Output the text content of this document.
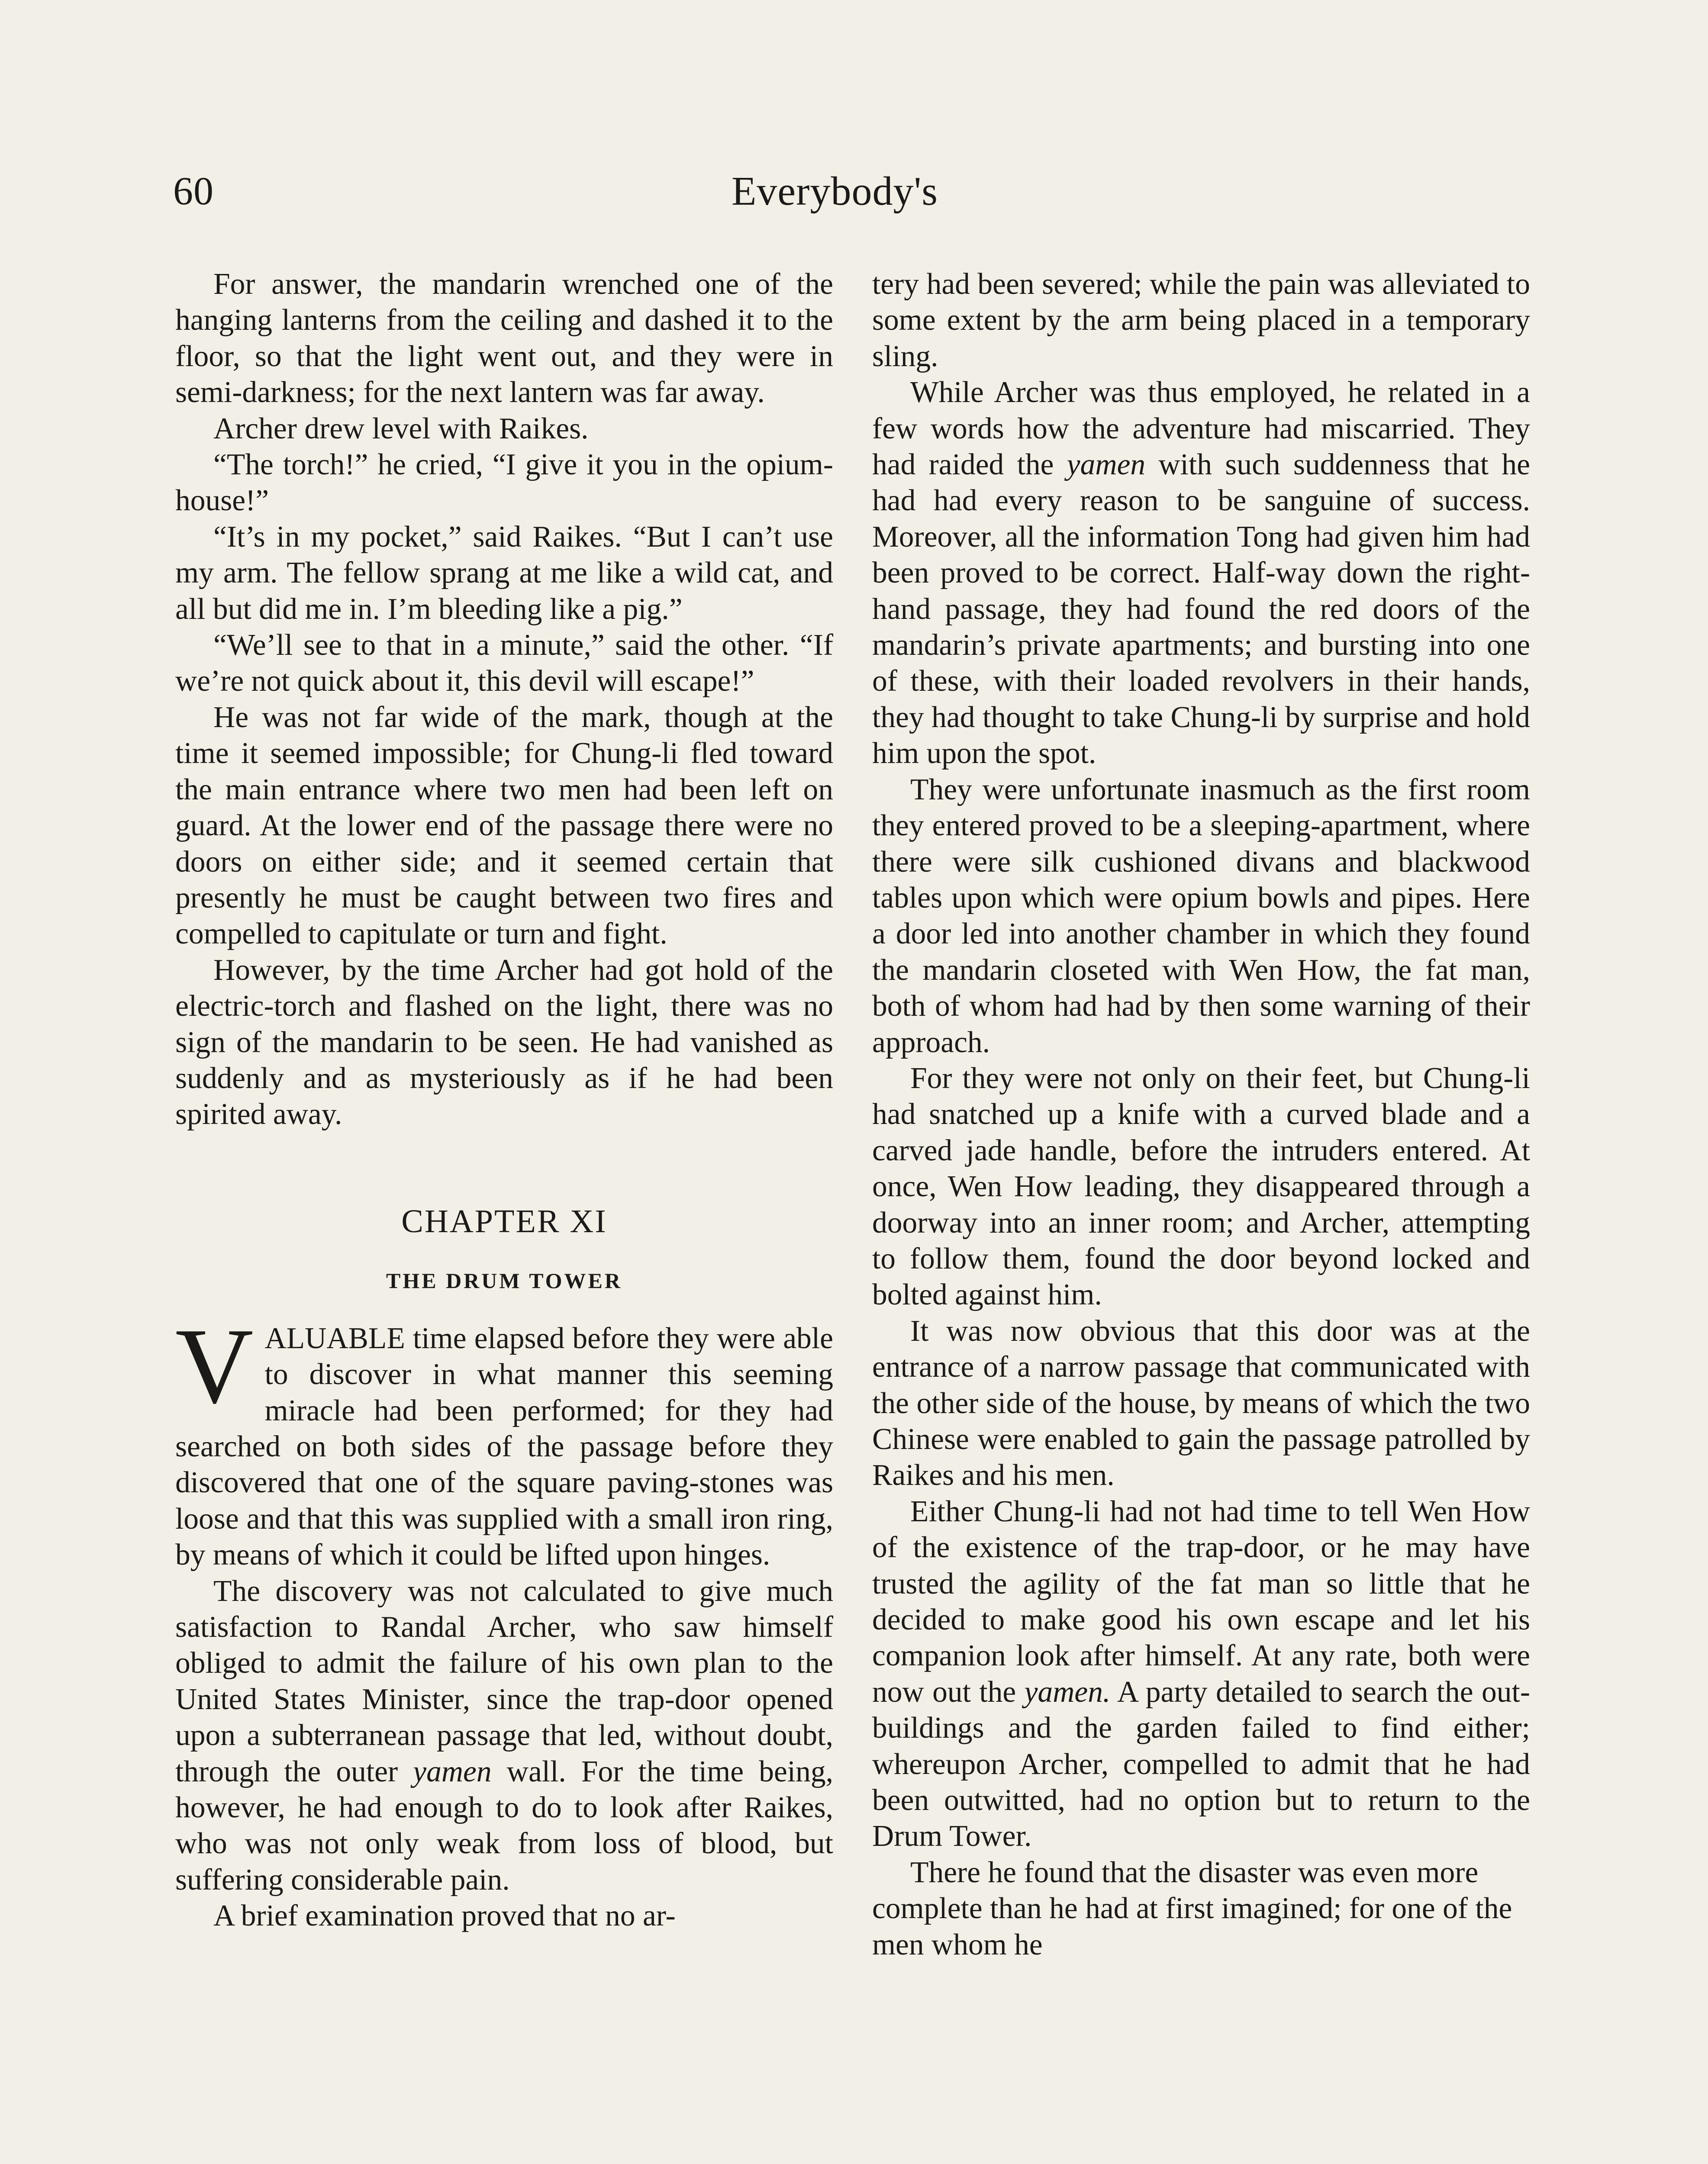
60	Everybody's

For answer, the mandarin wrenched one of the hanging lanterns from the ceiling and dashed it to the floor, so that the light went out, and they were in semi-darkness; for the next lantern was far away.

Archer drew level with Raikes.

“The torch!” he cried, “I give it you in the opium-house!”

“It’s in my pocket,” said Raikes. “But I can’t use my arm. The fellow sprang at me like a wild cat, and all but did me in. I’m bleeding like a pig.”

“We’ll see to that in a minute,” said the other. “If we’re not quick about it, this devil will escape!”

He was not far wide of the mark, though at the time it seemed impossible; for Chung-li fled toward the main entrance where two men had been left on guard. At the lower end of the passage there were no doors on either side; and it seemed certain that presently he must be caught between two fires and compelled to capitulate or turn and fight.

However, by the time Archer had got hold of the electric-torch and flashed on the light, there was no sign of the mandarin to be seen. He had vanished as suddenly and as mysteriously as if he had been spirited away.

CHAPTER XI
THE DRUM TOWER

VALUABLE time elapsed before they were able to discover in what manner this seeming miracle had been performed; for they had searched on both sides of the passage before they discovered that one of the square paving-stones was loose and that this was supplied with a small iron ring, by means of which it could be lifted upon hinges.

The discovery was not calculated to give much satisfaction to Randal Archer, who saw himself obliged to admit the failure of his own plan to the United States Minister, since the trap-door opened upon a subterranean passage that led, without doubt, through the outer yamen wall. For the time being, however, he had enough to do to look after Raikes, who was not only weak from loss of blood, but suffering considerable pain.

A brief examination proved that no ar-

tery had been severed; while the pain was alleviated to some extent by the arm being placed in a temporary sling.

While Archer was thus employed, he related in a few words how the adventure had miscarried. They had raided the yamen with such suddenness that he had had every reason to be sanguine of success. Moreover, all the information Tong had given him had been proved to be correct. Half-way down the right-hand passage, they had found the red doors of the mandarin’s private apartments; and bursting into one of these, with their loaded revolvers in their hands, they had thought to take Chung-li by surprise and hold him upon the spot.

They were unfortunate inasmuch as the first room they entered proved to be a sleeping-apartment, where there were silk cushioned divans and blackwood tables upon which were opium bowls and pipes. Here a door led into another chamber in which they found the mandarin closeted with Wen How, the fat man, both of whom had had by then some warning of their approach.

For they were not only on their feet, but Chung-li had snatched up a knife with a curved blade and a carved jade handle, before the intruders entered. At once, Wen How leading, they disappeared through a doorway into an inner room; and Archer, attempting to follow them, found the door beyond locked and bolted against him.

It was now obvious that this door was at the entrance of a narrow passage that communicated with the other side of the house, by means of which the two Chinese were enabled to gain the passage patrolled by Raikes and his men.

Either Chung-li had not had time to tell Wen How of the existence of the trap-door, or he may have trusted the agility of the fat man so little that he decided to make good his own escape and let his companion look after himself. At any rate, both were now out the yamen. A party detailed to search the out-buildings and the garden failed to find either; whereupon Archer, compelled to admit that he had been outwitted, had no option but to return to the Drum Tower.

There he found that the disaster was even more complete than he had at first imagined; for one of the men whom he
